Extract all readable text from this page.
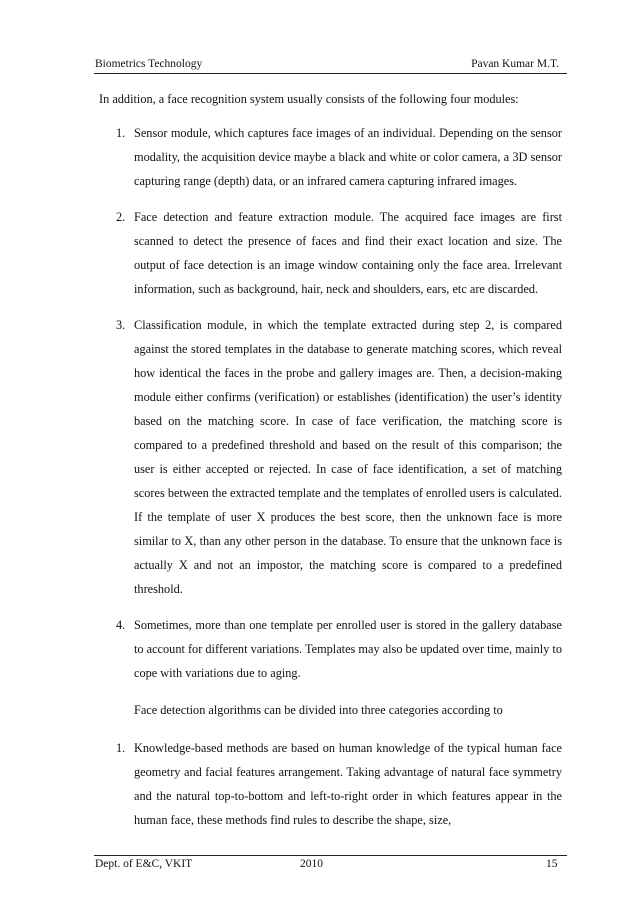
Biometrics Technology	Pavan Kumar M.T.
In addition, a face recognition system usually consists of the following four modules:
1. Sensor module, which captures face images of an individual. Depending on the sensor modality, the acquisition device maybe a black and white or color camera, a 3D sensor capturing range (depth) data, or an infrared camera capturing infrared images.
2. Face detection and feature extraction module. The acquired face images are first scanned to detect the presence of faces and find their exact location and size. The output of face detection is an image window containing only the face area. Irrelevant information, such as background, hair, neck and shoulders, ears, etc are discarded.
3. Classification module, in which the template extracted during step 2, is compared against the stored templates in the database to generate matching scores, which reveal how identical the faces in the probe and gallery images are. Then, a decision-making module either confirms (verification) or establishes (identification) the user’s identity based on the matching score. In case of face verification, the matching score is compared to a predefined threshold and based on the result of this comparison; the user is either accepted or rejected. In case of face identification, a set of matching scores between the extracted template and the templates of enrolled users is calculated. If the template of user X produces the best score, then the unknown face is more similar to X, than any other person in the database. To ensure that the unknown face is actually X and not an impostor, the matching score is compared to a predefined threshold.
4. Sometimes, more than one template per enrolled user is stored in the gallery database to account for different variations. Templates may also be updated over time, mainly to cope with variations due to aging.
Face detection algorithms can be divided into three categories according to
1. Knowledge-based methods are based on human knowledge of the typical human face geometry and facial features arrangement. Taking advantage of natural face symmetry and the natural top-to-bottom and left-to-right order in which features appear in the human face, these methods find rules to describe the shape, size,
Dept. of E&C, VKIT	2010	15
